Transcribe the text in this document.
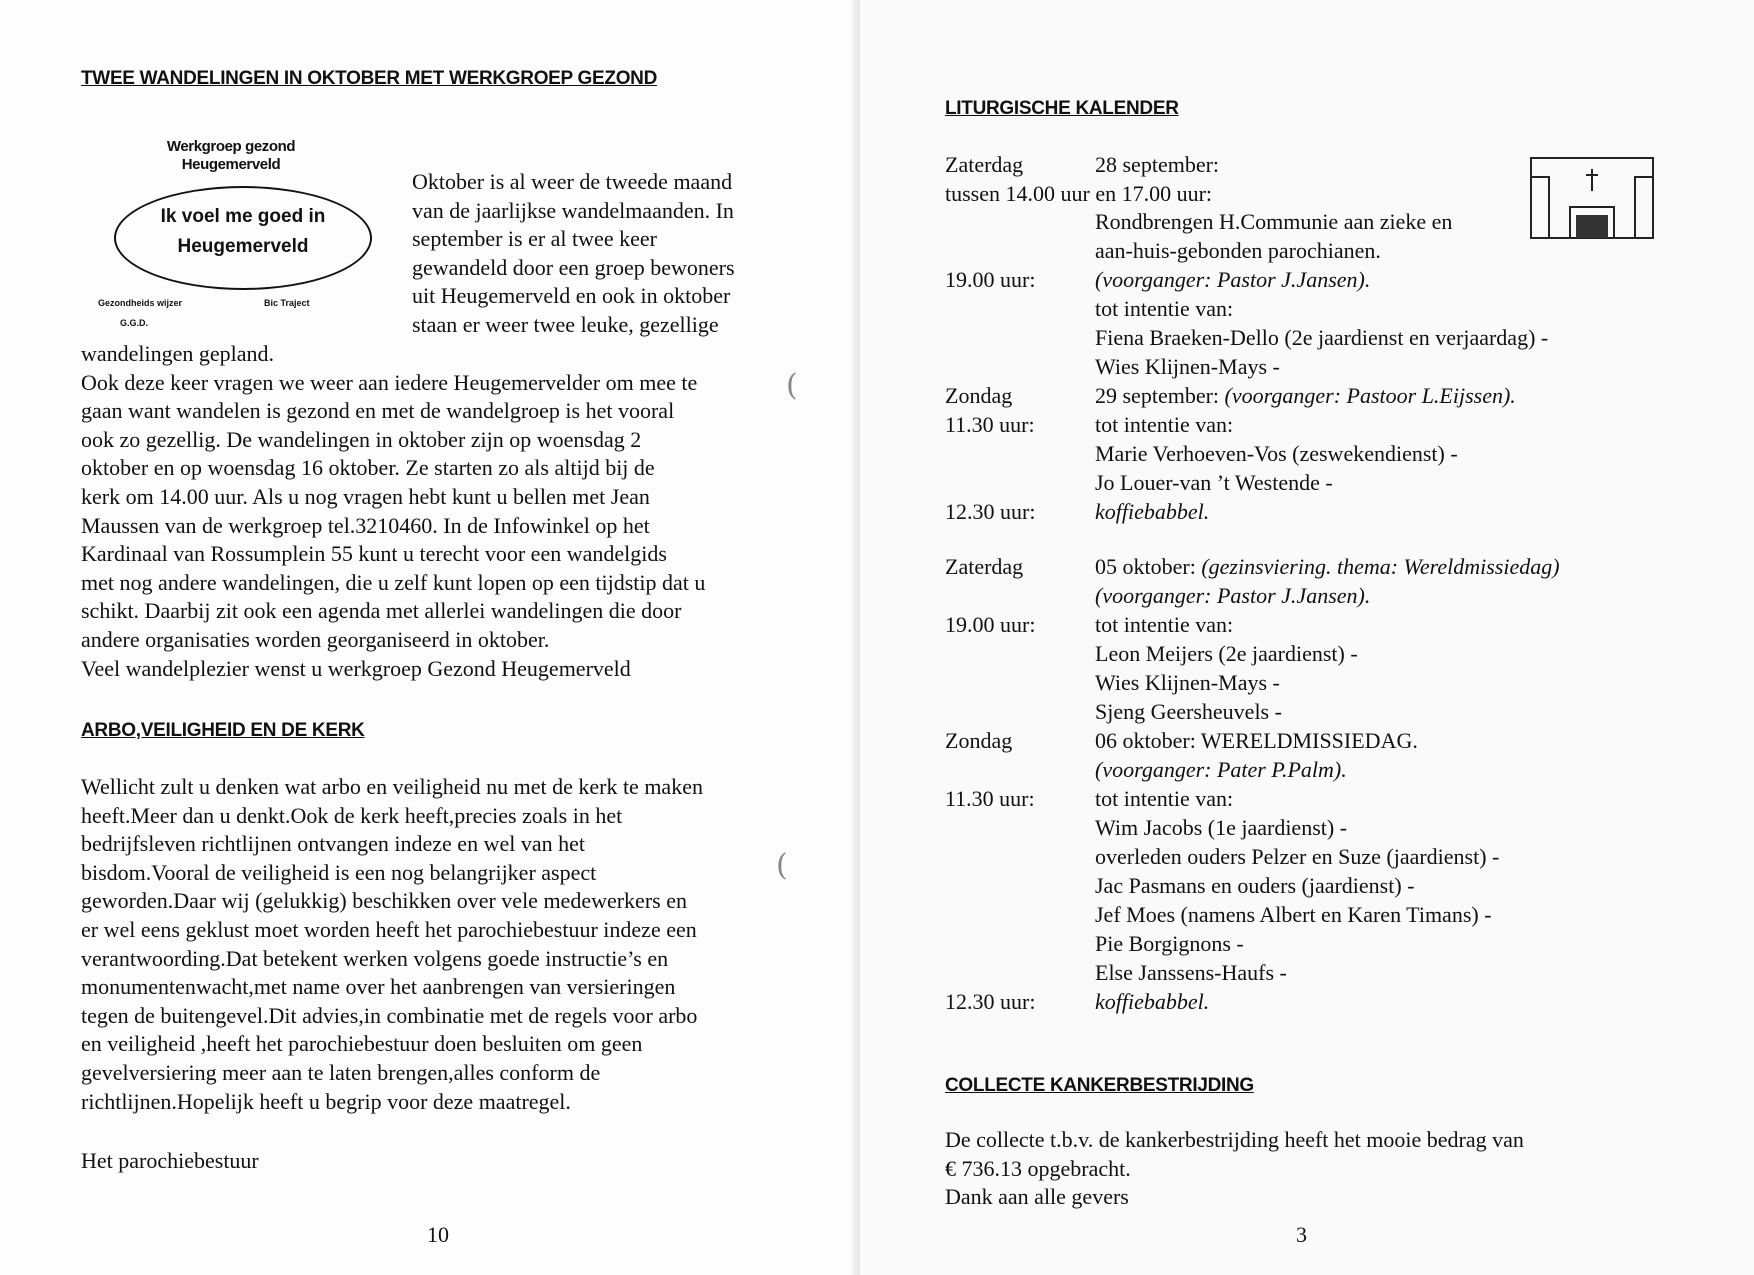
TWEE WANDELINGEN IN OKTOBER MET WERKGROEP GEZOND
Werkgroep gezond
Heugemerveld
Ik voel me goed in
Heugemerveld
Gezondheids wijzer
G.G.D.
Bic Traject

Oktober is al weer de tweede maand

van de jaarlijkse wandelmaanden. In

september is er al twee keer

gewandeld door een groep bewoners

uit Heugemerveld en ook in oktober

staan er weer twee leuke, gezellige

wandelingen gepland.

Ook deze keer vragen we weer aan iedere Heugemervelder om mee te

gaan want wandelen is gezond en met de wandelgroep is het vooral

ook zo gezellig. De wandelingen in oktober zijn op woensdag 2

oktober en op woensdag 16 oktober. Ze starten zo als altijd bij de

kerk om 14.00 uur. Als u nog vragen hebt kunt u bellen met Jean

Maussen van de werkgroep tel.3210460. In de Infowinkel op het

Kardinaal van Rossumplein 55 kunt u terecht voor een wandelgids

met nog andere wandelingen, die u zelf kunt lopen op een tijdstip dat u

schikt. Daarbij zit ook een agenda met allerlei wandelingen die door

andere organisaties worden georganiseerd in oktober.

Veel wandelplezier wenst u werkgroep Gezond Heugemerveld

ARBO,VEILIGHEID EN DE KERK

Wellicht zult u denken wat arbo en veiligheid nu met de kerk te maken

heeft.Meer dan u denkt.Ook de kerk heeft,precies zoals in het

bedrijfsleven richtlijnen ontvangen indeze en wel van het

bisdom.Vooral de veiligheid is een nog belangrijker aspect

geworden.Daar wij (gelukkig) beschikken over vele medewerkers en

er wel eens geklust moet worden heeft het parochiebestuur indeze een

verantwoording.Dat betekent werken volgens goede instructie’s en

monumentenwacht,met name over het aanbrengen van versieringen

tegen de buitengevel.Dit advies,in combinatie met de regels voor arbo

en veiligheid ,heeft het parochiebestuur doen besluiten om geen

gevelversiering meer aan te laten brengen,alles conform de

richtlijnen.Hopelijk heeft u begrip voor deze maatregel.

Het parochiebestuur
10
(
(
LITURGISCHE KALENDER
Zaterdag	28 september:
tussen 14.00 uur en 17.00 uur:
Rondbrengen H.Communie aan zieke en
aan-huis-gebonden parochianen.
19.00 uur:	(voorganger: Pastor J.Jansen).
tot intentie van:
Fiena Braeken-Dello (2e jaardienst en verjaardag) -
Wies Klijnen-Mays -
Zondag	29 september: (voorganger: Pastoor L.Eijssen).
11.30 uur:	tot intentie van:
Marie Verhoeven-Vos (zeswekendienst) -
Jo Louer-van ’t Westende -
12.30 uur:	koffiebabbel.
Zaterdag	05 oktober: (gezinsviering. thema: Wereldmissiedag)
(voorganger: Pastor J.Jansen).
19.00 uur:	tot intentie van:
Leon Meijers (2e jaardienst) -
Wies Klijnen-Mays -
Sjeng Geersheuvels -
Zondag	06 oktober: WERELDMISSIEDAG.
(voorganger: Pater P.Palm).
11.30 uur:	tot intentie van:
Wim Jacobs (1e jaardienst) -
overleden ouders Pelzer en Suze (jaardienst) -
Jac Pasmans en ouders (jaardienst) -
Jef Moes (namens Albert en Karen Timans) -
Pie Borgignons -
Else Janssens-Haufs -
12.30 uur:	koffiebabbel.
COLLECTE KANKERBESTRIJDING

De collecte t.b.v. de kankerbestrijding heeft het mooie bedrag van

€ 736.13 opgebracht.

Dank aan alle gevers

3
